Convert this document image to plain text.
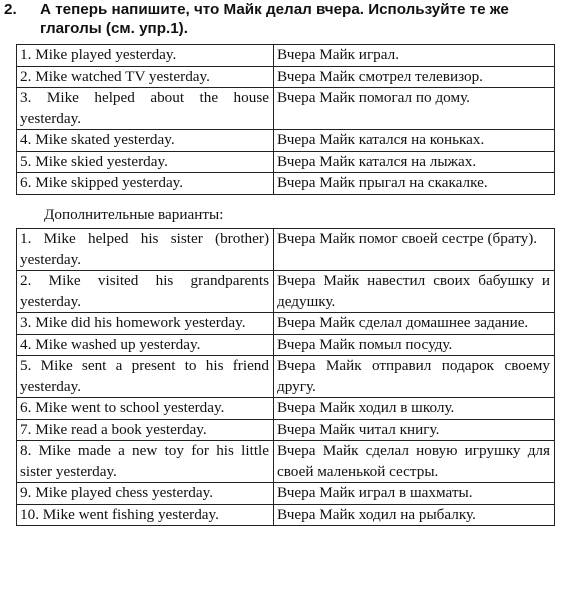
2. А теперь напишите, что Майк делал вчера. Используйте те же
глаголы (см. упр.1).
1. Mike played yesterday.	Вчера Майк играл.
2. Mike watched TV yesterday.	Вчера Майк смотрел телевизор.
3. Mike helped about the house yesterday.	Вчера Майк помогал по дому.
4. Mike skated yesterday.	Вчера Майк катался на коньках.
5. Mike skied yesterday.	Вчера Майк катался на лыжах.
6. Mike skipped yesterday.	Вчера Майк прыгал на скакалке.
Дополнительные варианты:
1. Mike helped his sister (brother) yesterday.	Вчера Майк помог своей сестре (брату).
2. Mike visited his grandparents yesterday.	Вчера Майк навестил своих бабушку и дедушку.
3. Mike did his homework yesterday.	Вчера Майк сделал домашнее задание.
4. Mike washed up yesterday.	Вчера Майк помыл посуду.
5. Mike sent a present to his friend yesterday.	Вчера Майк отправил подарок своему другу.
6. Mike went to school yesterday.	Вчера Майк ходил в школу.
7. Mike read a book yesterday.	Вчера Майк читал книгу.
8. Mike made a new toy for his little sister yesterday.	Вчера Майк сделал новую игрушку для своей маленькой сестры.
9. Mike played chess yesterday.	Вчера Майк играл в шахматы.
10. Mike went fishing yesterday.	Вчера Майк ходил на рыбалку.
